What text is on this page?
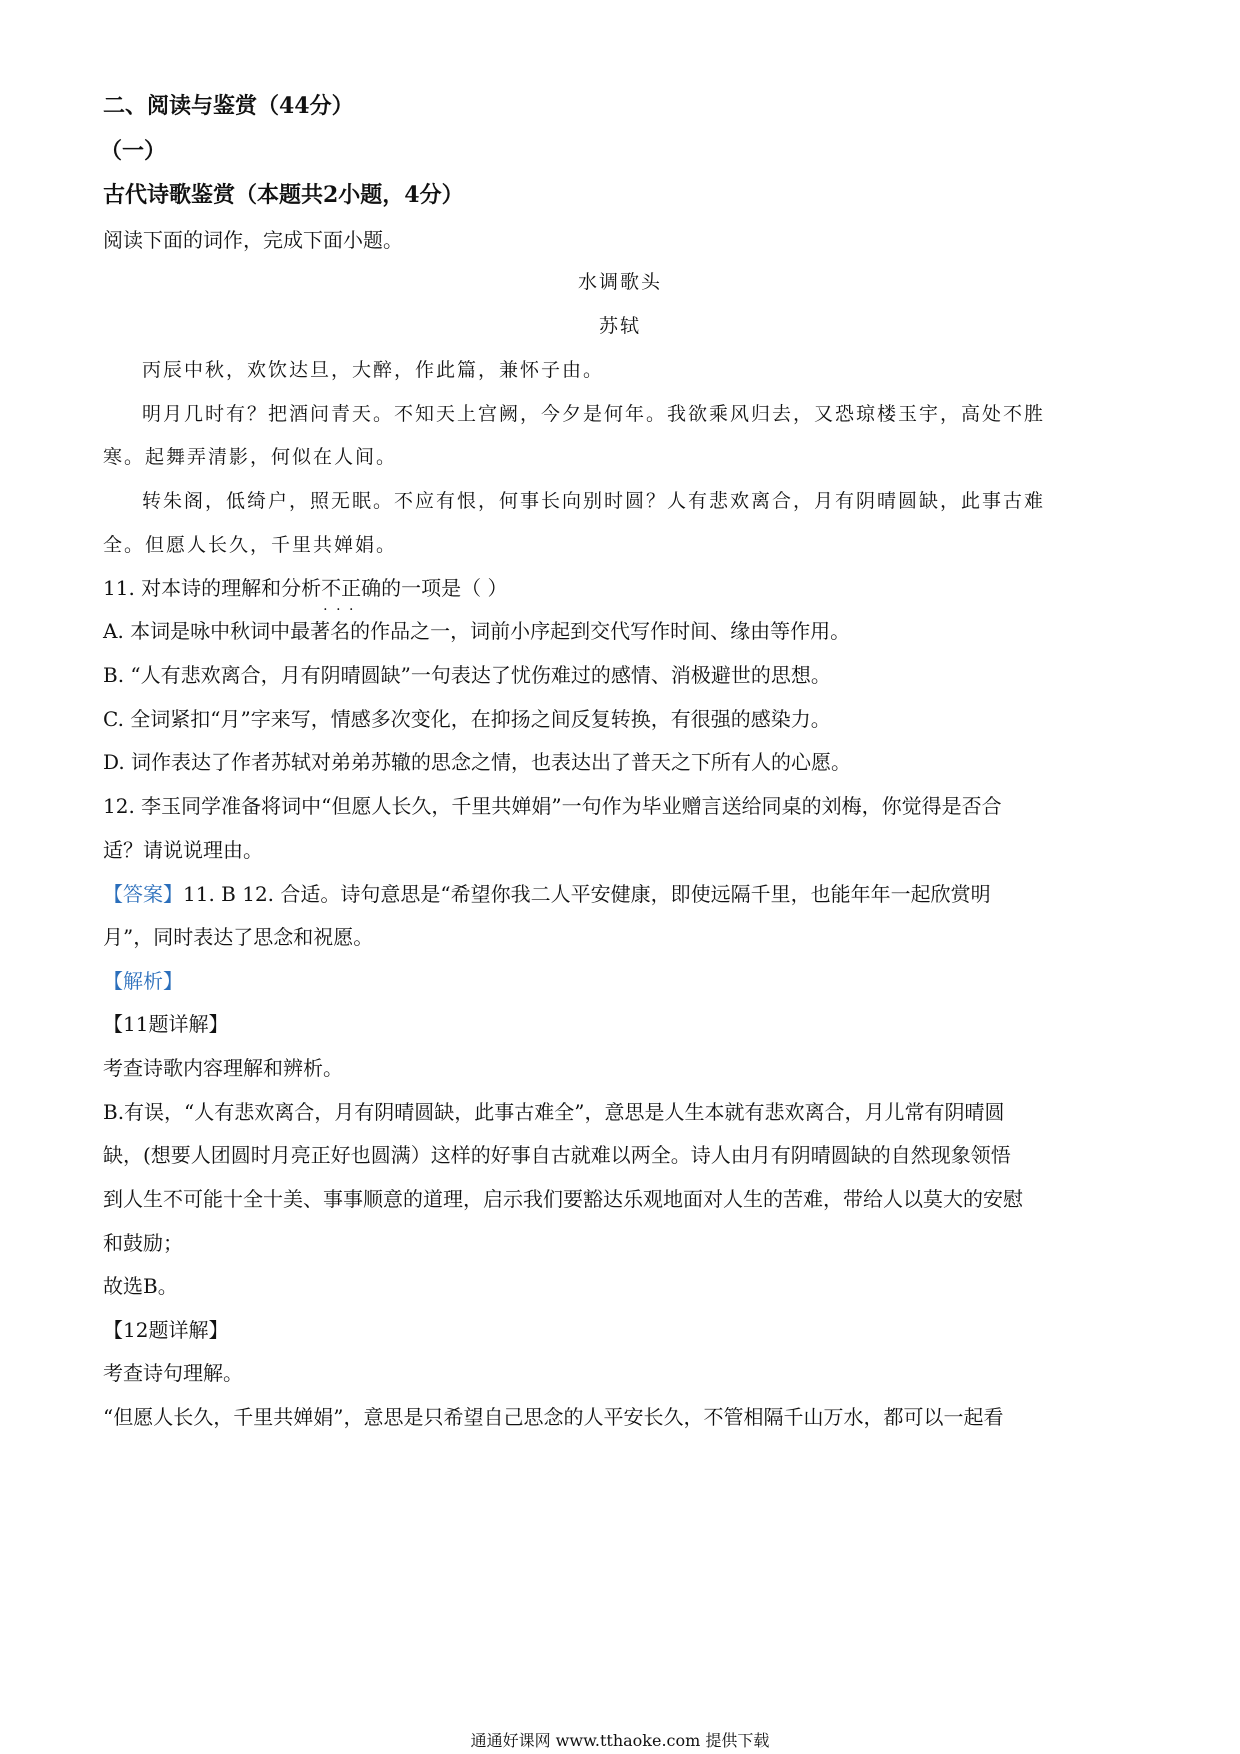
二、阅读与鉴赏（44分）
（一）
古代诗歌鉴赏（本题共2小题，4分）
阅读下面的词作，完成下面小题。
水调歌头
苏轼
丙辰中秋，欢饮达旦，大醉，作此篇，兼怀子由。
明月几时有？把酒问青天。不知天上宫阙，今夕是何年。我欲乘风归去，又恐琼楼玉宇，高处不胜
寒。起舞弄清影，何似在人间。
转朱阁，低绮户，照无眠。不应有恨，何事长向别时圆？人有悲欢离合，月有阴晴圆缺，此事古难
全。但愿人长久，千里共婵娟。
11. 对本诗的理解和分析不正确 · · ·的一项是（ ）
A. 本词是咏中秋词中最著名的作品之一，词前小序起到交代写作时间、缘由等作用。
B. “人有悲欢离合，月有阴晴圆缺”一句表达了忧伤难过的感情、消极避世的思想。
C. 全词紧扣“月”字来写，情感多次变化，在抑扬之间反复转换，有很强的感染力。
D. 词作表达了作者苏轼对弟弟苏辙的思念之情，也表达出了普天之下所有人的心愿。
12. 李玉同学准备将词中“但愿人长久，千里共婵娟”一句作为毕业赠言送给同桌的刘梅，你觉得是否合
适？请说说理由。
【答案】11. B 12. 合适。诗句意思是“希望你我二人平安健康，即使远隔千里，也能年年一起欣赏明
月”，同时表达了思念和祝愿。
【解析】
【11题详解】
考查诗歌内容理解和辨析。
B.有误，“人有悲欢离合，月有阴晴圆缺，此事古难全”，意思是人生本就有悲欢离合，月儿常有阴晴圆
缺，(想要人团圆时月亮正好也圆满）这样的好事自古就难以两全。诗人由月有阴晴圆缺的自然现象领悟
到人生不可能十全十美、事事顺意的道理，启示我们要豁达乐观地面对人生的苦难，带给人以莫大的安慰
和鼓励；
故选B。
【12题详解】
考查诗句理解。
“但愿人长久，千里共婵娟”，意思是只希望自己思念的人平安长久，不管相隔千山万水，都可以一起看
通通好课网 www.tthaoke.com 提供下载
